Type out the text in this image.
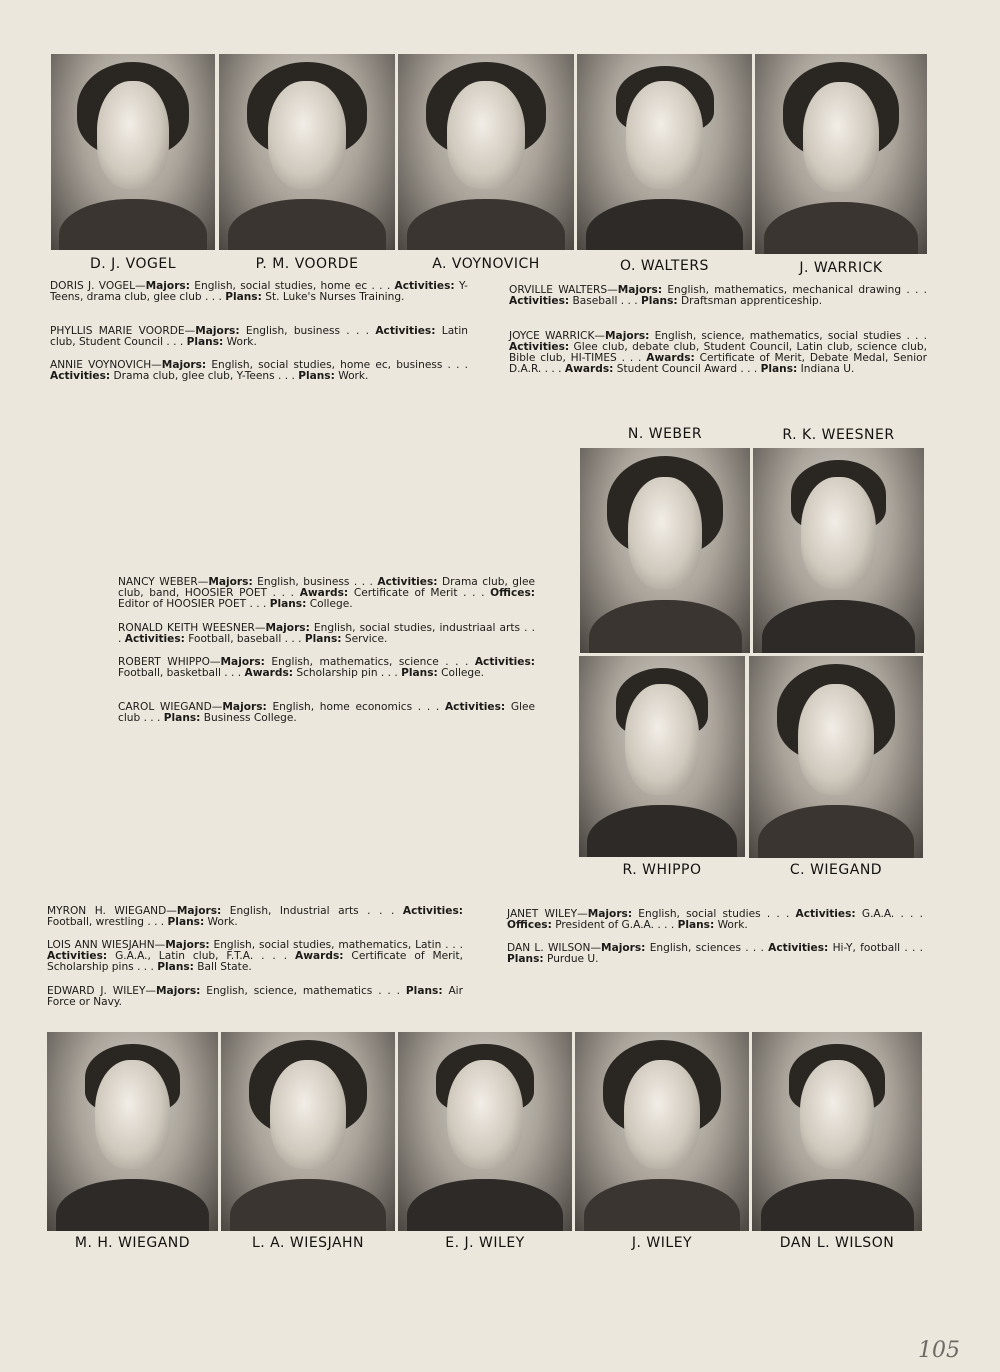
D. J. VOGEL	P. M. VOORDE	A. VOYNOVICH	O. WALTERS	J. WARRICK

DORIS J. VOGEL—Majors: English, social studies, home ec . . . Activities: Y-Teens, drama club, glee club . . . Plans: St. Luke's Nurses Training.

PHYLLIS MARIE VOORDE—Majors: English, business . . . Activities: Latin club, Student Council . . . Plans: Work.

ANNIE VOYNOVICH—Majors: English, social studies, home ec, business . . . Activities: Drama club, glee club, Y-Teens . . . Plans: Work.

ORVILLE WALTERS—Majors: English, mathematics, mechanical drawing . . . Activities: Baseball . . . Plans: Draftsman apprenticeship.

JOYCE WARRICK—Majors: English, science, mathematics, social studies . . . Activities: Glee club, debate club, Student Council, Latin club, science club, Bible club, HI-TIMES . . . Awards: Certificate of Merit, Debate Medal, Senior D.A.R. . . . Awards: Student Council Award . . . Plans: Indiana U.

N. WEBER	R. K. WEESNER
R. WHIPPO	C. WIEGAND

NANCY WEBER—Majors: English, business . . . Activities: Drama club, glee club, band, HOOSIER POET . . . Awards: Certificate of Merit . . . Offices: Editor of HOOSIER POET . . . Plans: College.

RONALD KEITH WEESNER—Majors: English, social studies, industriaal arts . . . Activities: Football, baseball . . . Plans: Service.

ROBERT WHIPPO—Majors: English, mathematics, science . . . Activities: Football, basketball . . . Awards: Scholarship pin . . . Plans: College.

CAROL WIEGAND—Majors: English, home economics . . . Activities: Glee club . . . Plans: Business College.

MYRON H. WIEGAND—Majors: English, Industrial arts . . . Activities: Football, wrestling . . . Plans: Work.

LOIS ANN WIESJAHN—Majors: English, social studies, mathematics, Latin . . . Activities: G.A.A., Latin club, F.T.A. . . . Awards: Certificate of Merit, Scholarship pins . . . Plans: Ball State.

EDWARD J. WILEY—Majors: English, science, mathematics . . . Plans: Air Force or Navy.

JANET WILEY—Majors: English, social studies . . . Activities: G.A.A. . . . Offices: President of G.A.A. . . . Plans: Work.

DAN L. WILSON—Majors: English, sciences . . . Activities: Hi-Y, football . . . Plans: Purdue U.

M. H. WIEGAND	L. A. WIESJAHN	E. J. WILEY	J. WILEY	DAN L. WILSON
105
